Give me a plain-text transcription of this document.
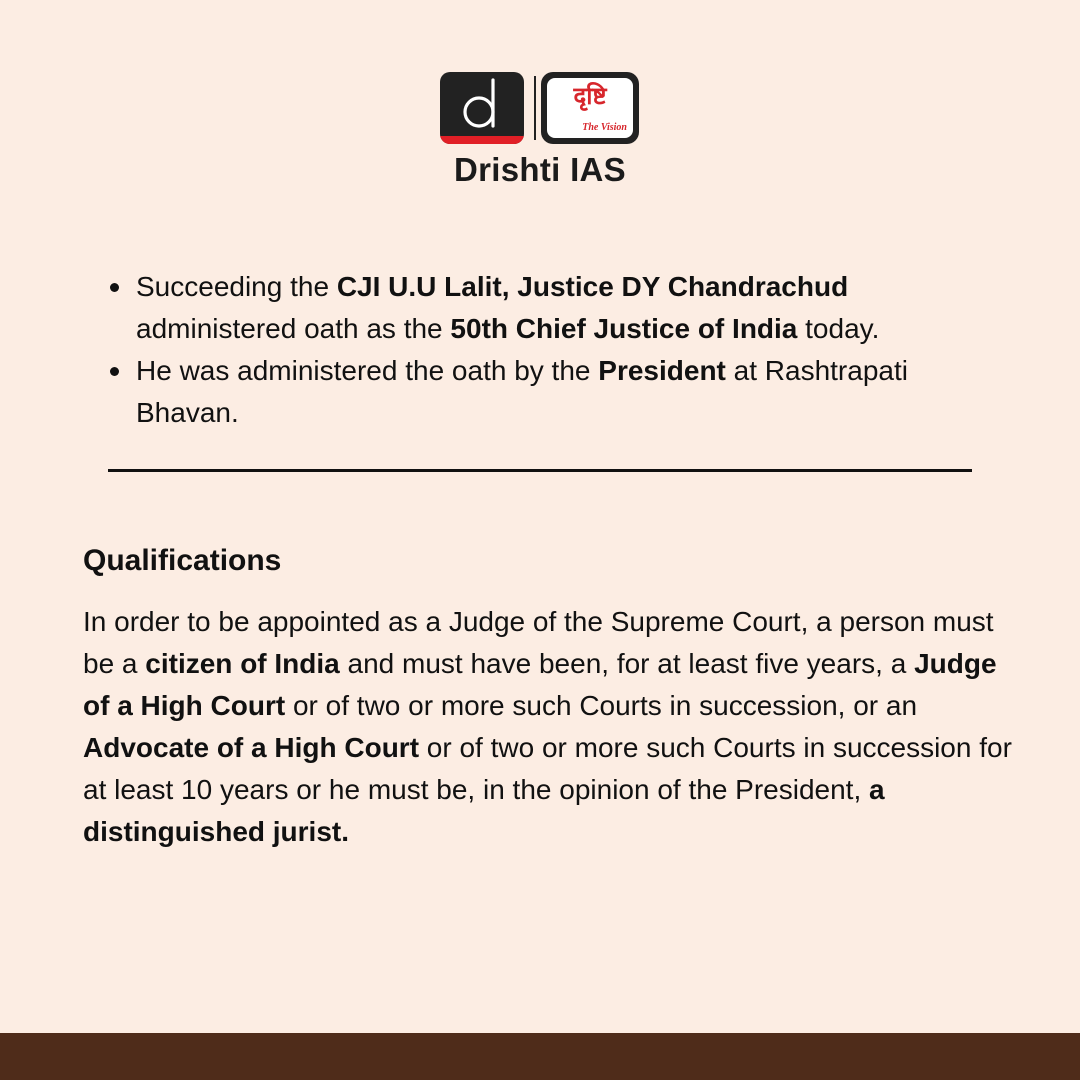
दृष्टि
The Vision
Drishti IAS
Succeeding the CJI U.U Lalit, Justice DY Chandrachud administered oath as the 50th Chief Justice of India today.
He was administered the oath by the President at Rashtrapati Bhavan.
Qualifications

In order to be appointed as a Judge of the Supreme Court, a person must be a citizen of India and must have been, for at least five years, a Judge of a High Court or of two or more such Courts in succession, or an Advocate of a High Court or of two or more such Courts in succession for at least 10 years or he must be, in the opinion of the President, a distinguished jurist.
